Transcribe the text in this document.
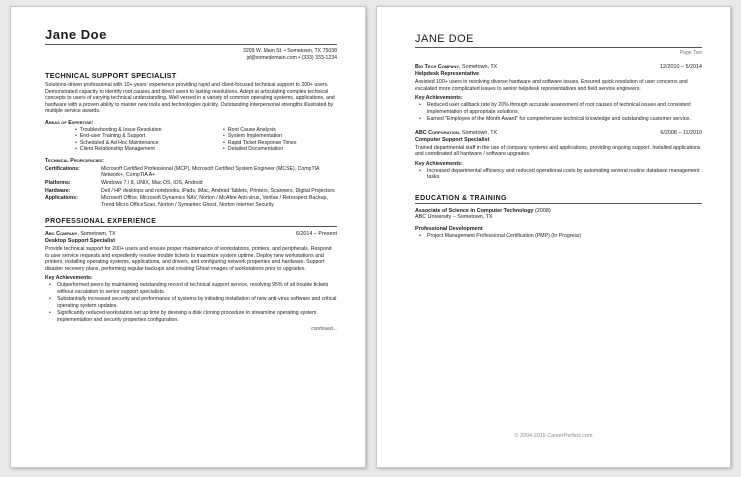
Jane Doe
3209 W. Main St. • Sometown, TX 75038
jd@somedomain.com • (333) 333-1234
TECHNICAL SUPPORT SPECIALIST
Solutions-driven professional with 10+ years' experience providing rapid and client-focused technical support to 200+ users. Demonstrated capacity to identify root causes and direct users to lasting resolutions. Adept at articulating complex technical concepts to users of varying technical understanding. Well versed in a variety of common operating systems, applications, and hardware with a proven ability to master new tools and technologies quickly. Outstanding interpersonal strengths illustrated by multiple service awards.
Areas of Expertise:
• Troubleshooting & Issue Resolution	• Root Cause Analysis
• End-user Training & Support	• System Implementation
• Scheduled & Ad Hoc Maintenance	• Rapid Ticket Response Times
• Client Relationship Management	• Detailed Documentation
Technical Proficiencies:
Certifications:	Microsoft Certified Professional (MCP), Microsoft Certified System Engineer (MCSE), CompTIA Network+, CompTIA A+
Platforms:	Windows 7 / 8, UNIX, Mac OS, iOS, Android
Hardware:	Dell / HP desktops and notebooks, iPads, iMac, Android Tablets, Printers, Scanners, Digital Projectors
Applications:	Microsoft Office, Microsoft Dynamics NAV, Norton / McAfee Anti-virus, Veritas / Retrospect Backup, Trend Micro OfficeScan, Norton / Symantec Ghost, Norton Internet Security
PROFESSIONAL EXPERIENCE
Abc Company, Sometown, TX	6/2014 – Present
Desktop Support Specialist
Provide technical support for 200+ users and ensure proper maintenance of workstations, printers, and peripherals. Respond to user service requests and expediently resolve trouble tickets to maximize system uptime. Deploy new workstations and printers, installing operating systems, applications, and drivers, and configuring network properties and hardware. Support disaster recovery plans, performing regular backups and creating Ghost images of workstations prior to upgrades.
Key Achievements:
• Outperformed peers by maintaining outstanding record of technical support service, resolving 95% of all trouble tickets without escalation to senior support specialists.
• Substantially increased security and performance of systems by initiating installation of new anti-virus software and critical operating system updates.
• Significantly reduced workstation set up time by devising a disk cloning procedure to streamline operating system implementation and security properties configuration.
continued...
JANE DOE
Page Two
Big Tech Company, Sometown, TX	12/2010 – 5/2014
Helpdesk Representative
Assisted 100+ users in resolving diverse hardware and software issues. Ensured quick resolution of user concerns and escalated more complicated issues to senior helpdesk representatives and field service engineers.
Key Achievements:
• Reduced user callback rate by 20% through accurate assessment of root causes of technical issues and consistent implementation of appropriate solutions.
• Earned "Employee of the Month Award" for comprehensive technical knowledge and outstanding customer service.
ABC Corporation, Sometown, TX	6/2008 – 11/2010
Computer Support Specialist
Trained departmental staff in the use of company systems and applications, providing ongoing support. Installed applications and coordinated all hardware / software upgrades.
Key Achievements:
• Increased departmental efficiency and reduced operational costs by automating several routine database management tasks.
EDUCATION & TRAINING
Associate of Science in Computer Technology (2008)
ABC University – Sometown, TX
Professional Development
• Project Management Professional Certification (PMP) (In Progress)
© 2004-2015 CareerPerfect.com
